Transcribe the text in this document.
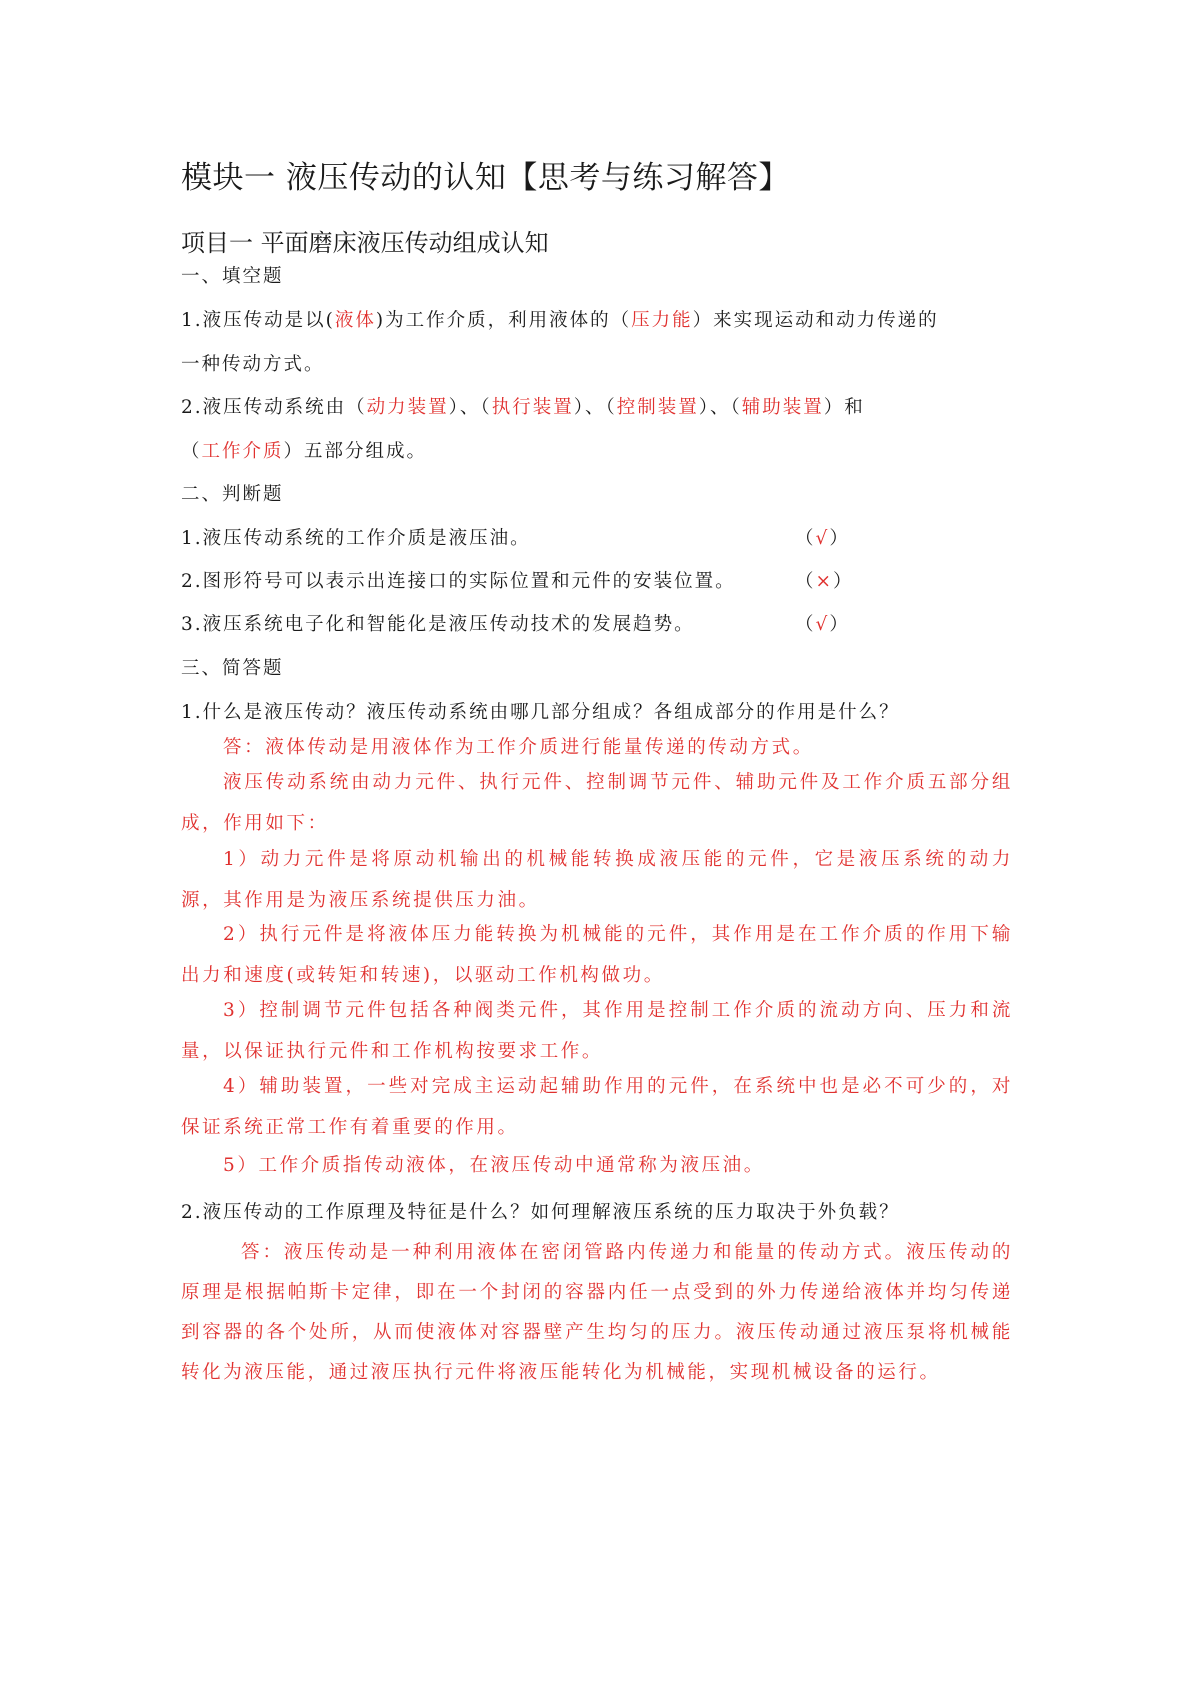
模块一 液压传动的认知【思考与练习解答】
项目一 平面磨床液压传动组成认知
一、填空题
1.液压传动是以(液体)为工作介质，利用液体的（压力能）来实现运动和动力传递的
一种传动方式。
2.液压传动系统由（动力装置）、（执行装置）、（控制装置）、（辅助装置）和
（工作介质）五部分组成。
二、判断题
1.液压传动系统的工作介质是液压油。	（√）
2.图形符号可以表示出连接口的实际位置和元件的安装位置。	（×）
3.液压系统电子化和智能化是液压传动技术的发展趋势。	（√）
三、简答题
1.什么是液压传动？液压传动系统由哪几部分组成？各组成部分的作用是什么？
答：液体传动是用液体作为工作介质进行能量传递的传动方式。
液压传动系统由动力元件、执行元件、控制调节元件、辅助元件及工作介质五部分组成，作用如下：
1）动力元件是将原动机输出的机械能转换成液压能的元件，它是液压系统的动力源，其作用是为液压系统提供压力油。
2）执行元件是将液体压力能转换为机械能的元件，其作用是在工作介质的作用下输出力和速度(或转矩和转速)，以驱动工作机构做功。
3）控制调节元件包括各种阀类元件，其作用是控制工作介质的流动方向、压力和流量，以保证执行元件和工作机构按要求工作。
4）辅助装置，一些对完成主运动起辅助作用的元件，在系统中也是必不可少的，对保证系统正常工作有着重要的作用。
5）工作介质指传动液体，在液压传动中通常称为液压油。
2.液压传动的工作原理及特征是什么？如何理解液压系统的压力取决于外负载？
答：液压传动是一种利用液体在密闭管路内传递力和能量的传动方式。液压传动的原理是根据帕斯卡定律，即在一个封闭的容器内任一点受到的外力传递给液体并均匀传递到容器的各个处所，从而使液体对容器壁产生均匀的压力。液压传动通过液压泵将机械能转化为液压能，通过液压执行元件将液压能转化为机械能，实现机械设备的运行。
